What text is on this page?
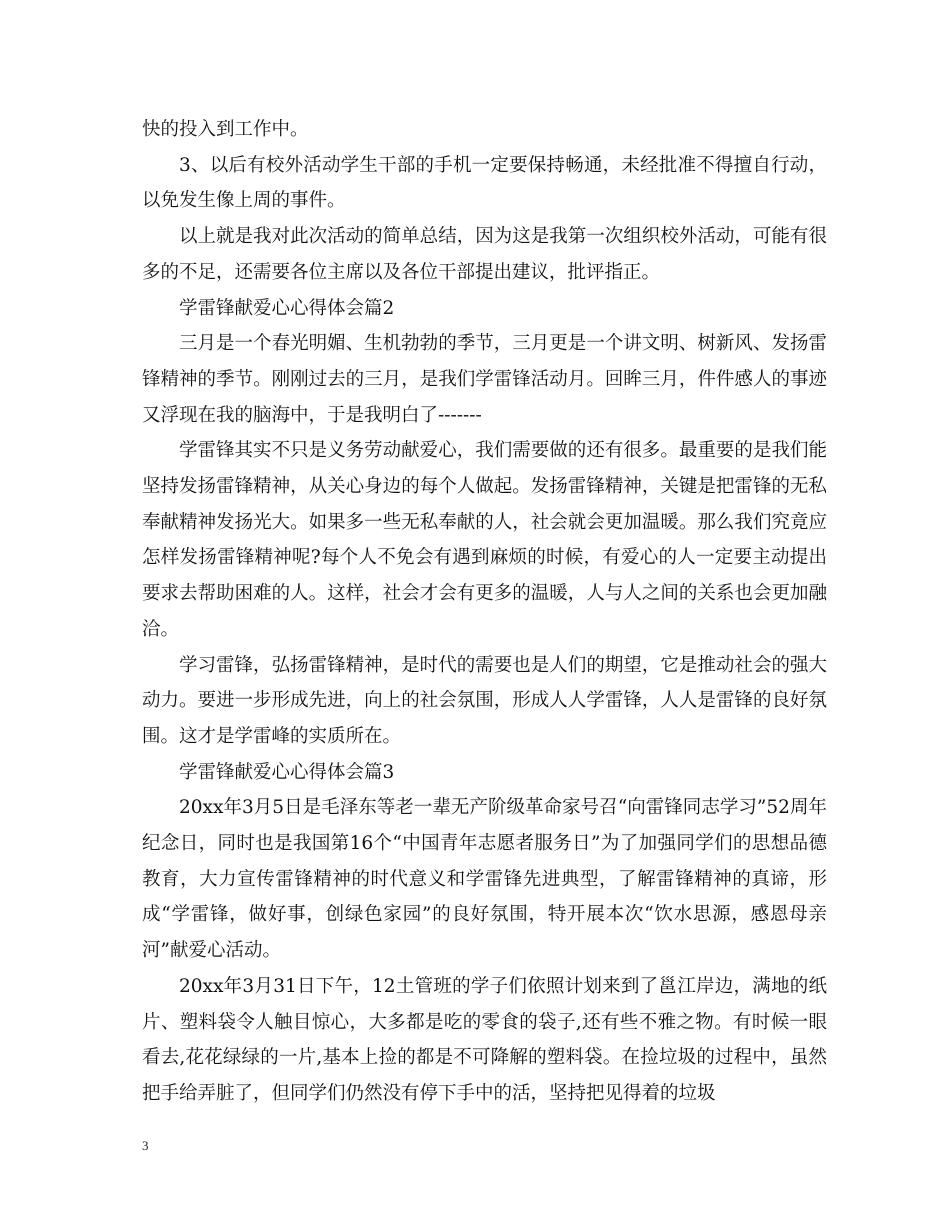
快的投入到工作中。

3、以后有校外活动学生干部的手机一定要保持畅通，未经批准不得擅自行动，以免发生像上周的事件。

以上就是我对此次活动的简单总结，因为这是我第一次组织校外活动，可能有很多的不足，还需要各位主席以及各位干部提出建议，批评指正。

学雷锋献爱心心得体会篇2

三月是一个春光明媚、生机勃勃的季节，三月更是一个讲文明、树新风、发扬雷锋精神的季节。刚刚过去的三月，是我们学雷锋活动月。回眸三月，件件感人的事迹又浮现在我的脑海中，于是我明白了-------

学雷锋其实不只是义务劳动献爱心，我们需要做的还有很多。最重要的是我们能坚持发扬雷锋精神，从关心身边的每个人做起。发扬雷锋精神，关键是把雷锋的无私奉献精神发扬光大。如果多一些无私奉献的人，社会就会更加温暖。那么我们究竟应怎样发扬雷锋精神呢?每个人不免会有遇到麻烦的时候，有爱心的人一定要主动提出要求去帮助困难的人。这样，社会才会有更多的温暖，人与人之间的关系也会更加融洽。

学习雷锋，弘扬雷锋精神，是时代的需要也是人们的期望，它是推动社会的强大动力。要进一步形成先进，向上的社会氛围，形成人人学雷锋，人人是雷锋的良好氛围。这才是学雷峰的实质所在。

学雷锋献爱心心得体会篇3

20xx年3月5日是毛泽东等老一辈无产阶级革命家号召“向雷锋同志学习”52周年纪念日，同时也是我国第16个“中国青年志愿者服务日”为了加强同学们的思想品德教育，大力宣传雷锋精神的时代意义和学雷锋先进典型，了解雷锋精神的真谛，形成“学雷锋，做好事，创绿色家园”的良好氛围，特开展本次“饮水思源，感恩母亲河”献爱心活动。

20xx年3月31日下午，12土管班的学子们依照计划来到了邕江岸边，满地的纸片、塑料袋令人触目惊心，大多都是吃的零食的袋子,还有些不雅之物。有时候一眼看去,花花绿绿的一片,基本上捡的都是不可降解的塑料袋。在捡垃圾的过程中，虽然把手给弄脏了，但同学们仍然没有停下手中的活，坚持把见得着的垃圾

3
